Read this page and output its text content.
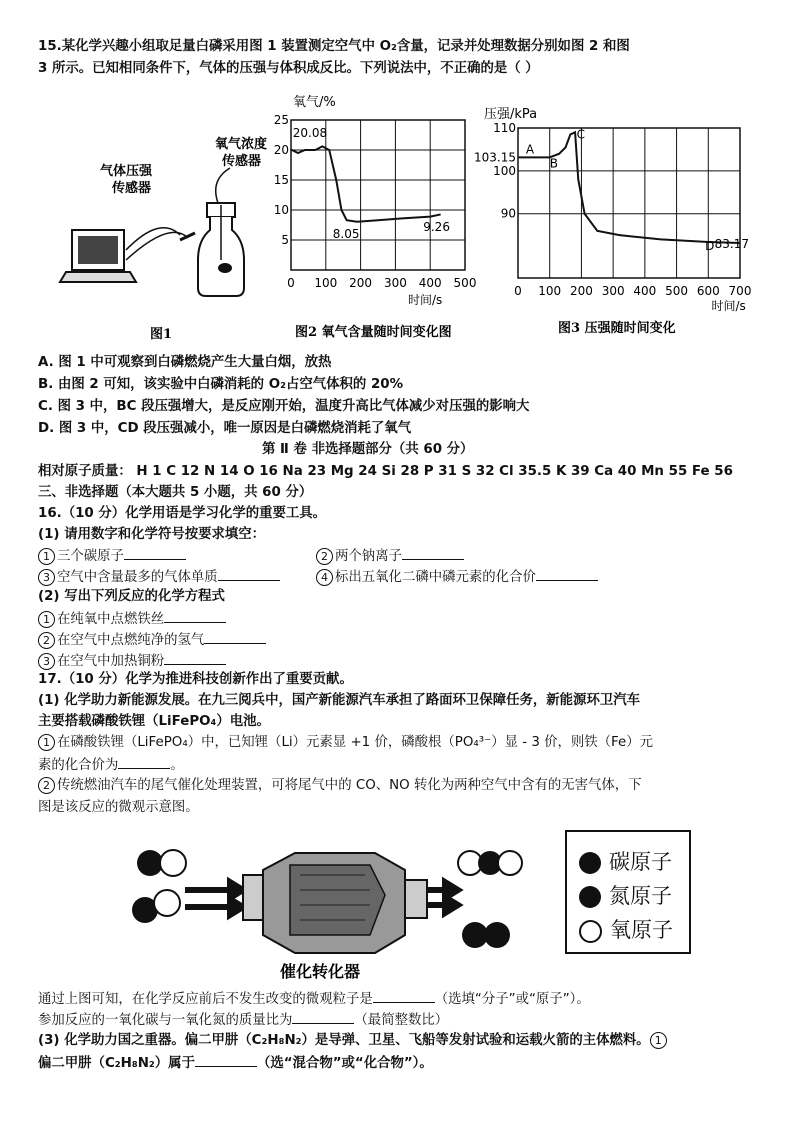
15.某化学兴趣小组取足量白磷采用图 1 装置测定空气中 O₂含量，记录并处理数据分别如图 2 和图
3 所示。已知相同条件下，气体的压强与体积成反比。下列说法中，不正确的是（ ）
气体压强
传感器
氧气浓度
传感器
图1
氧气/%
0 100 200 300 400 500
25
20
15
10
5
20.08
8.05
9.26
时间/s
图2 氧气含量随时间变化图
压强/kPa
0 100 200 300 400 500 600 700
110
103.15
100
90
A
B
C
D 83.17
时间/s
图3 压强随时间变化
A. 图 1 中可观察到白磷燃烧产生大量白烟，放热
B. 由图 2 可知，该实验中白磷消耗的 O₂占空气体积的 20%
C. 图 3 中，BC 段压强增大，是反应刚开始，温度升高比气体减少对压强的影响大
D. 图 3 中，CD 段压强减小，唯一原因是白磷燃烧消耗了氧气
第 Ⅱ 卷 非选择题部分（共 60 分）
相对原子质量： H 1 C 12 N 14 O 16 Na 23 Mg 24 Si 28 P 31 S 32 Cl 35.5 K 39 Ca 40 Mn 55 Fe 56
三、非选择题（本大题共 5 小题，共 60 分）
16.（10 分）化学用语是学习化学的重要工具。
(1) 请用数字和化学符号按要求填空：
1 三个碳原子	2 两个钠离子
3 空气中含量最多的气体单质	4 标出五氧化二磷中磷元素的化合价
(2) 写出下列反应的化学方程式
1 在纯氧中点燃铁丝
2 在空气中点燃纯净的氢气
3 在空气中加热铜粉
17.（10 分）化学为推进科技创新作出了重要贡献。
(1) 化学助力新能源发展。在九三阅兵中，国产新能源汽车承担了路面环卫保障任务，新能源环卫汽车
主要搭载磷酸铁锂（LiFePO₄）电池。
1 在磷酸铁锂（LiFePO₄）中，已知锂（Li）元素显 +1 价，磷酸根（PO₄³⁻）显 - 3 价，则铁（Fe）元
素的化合价为	。
2 传统燃油汽车的尾气催化处理装置，可将尾气中的 CO、NO 转化为两种空气中含有的无害气体，下
图是该反应的微观示意图。
催化转化器
碳原子
氮原子
氧原子
通过上图可知，在化学反应前后不发生改变的微观粒子是	（选填“分子”或“原子”）。
参加反应的一氧化碳与一氧化氮的质量比为	（最简整数比）
(3) 化学助力国之重器。偏二甲肼（C₂H₈N₂）是导弹、卫星、飞船等发射试验和运载火箭的主体燃料。 1
偏二甲肼（C₂H₈N₂）属于	（选“混合物”或“化合物”）。
